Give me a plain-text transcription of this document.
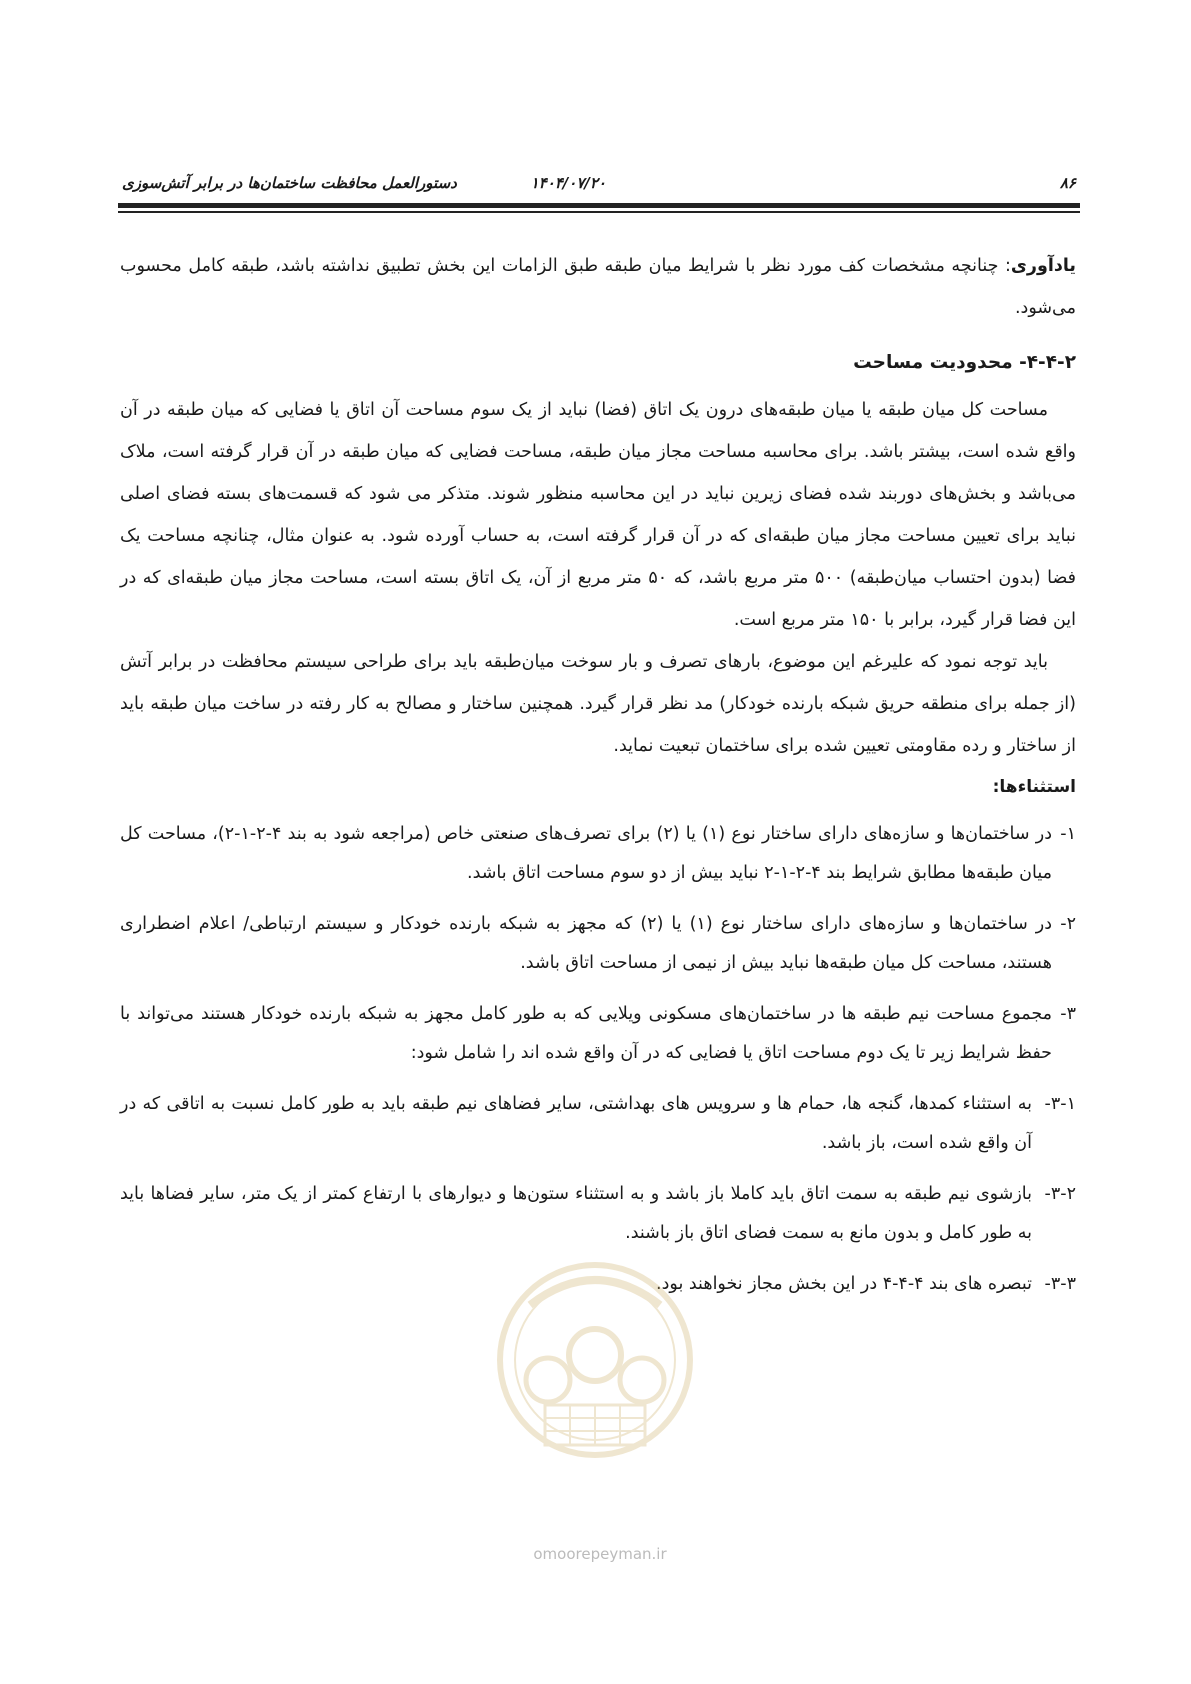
۸۶
۱۴۰۴/۰۷/۲۰
دستورالعمل محافظت ساختمان‌ها در برابر آتش‌سوزی

یادآوری: چنانچه مشخصات کف مورد نظر با شرایط میان طبقه طبق الزامات این بخش تطبیق نداشته باشد، طبقه کامل محسوب می‌شود.

۴-۴-۲- محدودیت مساحت

مساحت کل میان طبقه یا میان طبقه‌های درون یک اتاق (فضا) نباید از یک سوم مساحت آن اتاق یا فضایی که میان طبقه در آن واقع شده است، بیشتر باشد. برای محاسبه مساحت مجاز میان طبقه، مساحت فضایی که میان طبقه در آن قرار گرفته است، ملاک می‌باشد و بخش‌های دوربند شده فضای زیرین نباید در این محاسبه منظور شوند. متذکر می شود که قسمت‌های بسته فضای اصلی نباید برای تعیین مساحت مجاز میان طبقه‌ای که در آن قرار گرفته است، به حساب آورده شود. به عنوان مثال، چنانچه مساحت یک فضا (بدون احتساب میان‌طبقه) ۵۰۰ متر مربع باشد، که ۵۰ متر مربع از آن، یک اتاق بسته است، مساحت مجاز میان طبقه‌ای که در این فضا قرار گیرد، برابر با ۱۵۰ متر مربع است.

باید توجه نمود که علیرغم این موضوع، بارهای تصرف و بار سوخت میان‌طبقه باید برای طراحی سیستم محافظت در برابر آتش (از جمله برای منطقه حریق شبکه بارنده خودکار) مد نظر قرار گیرد. همچنین ساختار و مصالح به کار رفته در ساخت میان طبقه باید از ساختار و رده مقاومتی تعیین شده برای ساختمان تبعیت نماید.

استثناءها:
۱-
در ساختمان‌ها و سازه‌های دارای ساختار نوع (۱) یا (۲) برای تصرف‌های صنعتی خاص (مراجعه شود به بند ۴-۲-۱-۲)، مساحت کل میان طبقه‌ها مطابق شرایط بند ۴-۲-۱-۲ نباید بیش از دو سوم مساحت اتاق باشد.
۲-
در ساختمان‌ها و سازه‌های دارای ساختار نوع (۱) یا (۲) که مجهز به شبکه بارنده خودکار و سیستم ارتباطی/ اعلام اضطراری هستند، مساحت کل میان طبقه‌ها نباید بیش از نیمی از مساحت اتاق باشد.
۳-
مجموع مساحت نیم طبقه ها در ساختمان‌های مسکونی ویلایی که به طور کامل مجهز به شبکه بارنده خودکار هستند می‌تواند با حفظ شرایط زیر تا یک دوم مساحت اتاق یا فضایی که در آن واقع شده اند را شامل شود:
۳-۱-
به استثناء کمدها، گنجه ها، حمام ها و سرویس های بهداشتی، سایر فضاهای نیم طبقه باید به طور کامل نسبت به اتاقی که در آن واقع شده است، باز باشد.
۳-۲-
بازشوی نیم طبقه به سمت اتاق باید کاملا باز باشد و به استثناء ستون‌ها و دیوارهای با ارتفاع کمتر از یک متر، سایر فضاها باید به طور کامل و بدون مانع به سمت فضای اتاق باز باشند.
۳-۳-
تبصره های بند ۴-۴-۴ در این بخش مجاز نخواهند بود.
omoorepeyman.ir
